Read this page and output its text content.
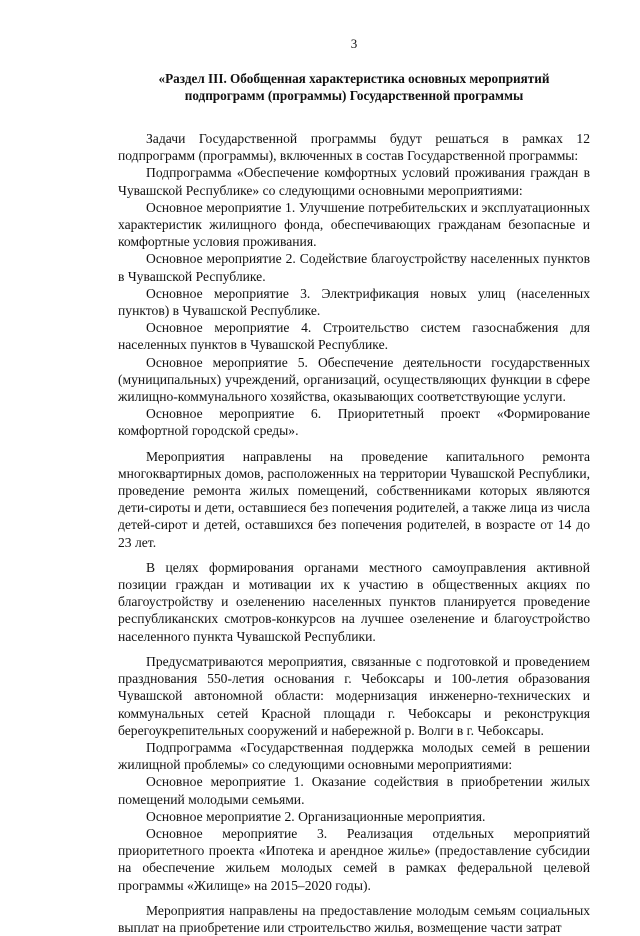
3
«Раздел III. Обобщенная характеристика основных мероприятий
подпрограмм (программы) Государственной программы

Задачи Государственной программы будут решаться в рамках 12 подпрограмм (программы), включенных в состав Государственной программы:

Подпрограмма «Обеспечение комфортных условий проживания граждан в Чувашской Республике» со следующими основными мероприятиями:

Основное мероприятие 1. Улучшение потребительских и эксплуатационных характеристик жилищного фонда, обеспечивающих гражданам безопасные и комфортные условия проживания.

Основное мероприятие 2. Содействие благоустройству населенных пунктов в Чувашской Республике.

Основное мероприятие 3. Электрификация новых улиц (населенных пунктов) в Чувашской Республике.

Основное мероприятие 4. Строительство систем газоснабжения для населенных пунктов в Чувашской Республике.

Основное мероприятие 5. Обеспечение деятельности государственных (муниципальных) учреждений, организаций, осуществляющих функции в сфере жилищно-коммунального хозяйства, оказывающих соответствующие услуги.

Основное мероприятие 6. Приоритетный проект «Формирование комфортной городской среды».

Мероприятия направлены на проведение капитального ремонта многоквартирных домов, расположенных на территории Чувашской Республики, проведение ремонта жилых помещений, собственниками которых являются дети-сироты и дети, оставшиеся без попечения родителей, а также лица из числа детей-сирот и детей, оставшихся без попечения родителей, в возрасте от 14 до 23 лет.

В целях формирования органами местного самоуправления активной позиции граждан и мотивации их к участию в общественных акциях по благоустройству и озеленению населенных пунктов планируется проведение республиканских смотров-конкурсов на лучшее озеленение и благоустройство населенного пункта Чувашской Республики.

Предусматриваются мероприятия, связанные с подготовкой и проведением празднования 550-летия основания г. Чебоксары и 100-летия образования Чувашской автономной области: модернизация инженерно-технических и коммунальных сетей Красной площади г. Чебоксары и реконструкция берегоукрепительных сооружений и набережной р. Волги в г. Чебоксары.

Подпрограмма «Государственная поддержка молодых семей в решении жилищной проблемы» со следующими основными мероприятиями:

Основное мероприятие 1. Оказание содействия в приобретении жилых помещений молодыми семьями.

Основное мероприятие 2. Организационные мероприятия.

Основное мероприятие 3. Реализация отдельных мероприятий приоритетного проекта «Ипотека и арендное жилье» (предоставление субсидии на обеспечение жильем молодых семей в рамках федеральной целевой программы «Жилище» на 2015–2020 годы).

Мероприятия направлены на предоставление молодым семьям социальных выплат на приобретение или строительство жилья, возмещение части затрат
